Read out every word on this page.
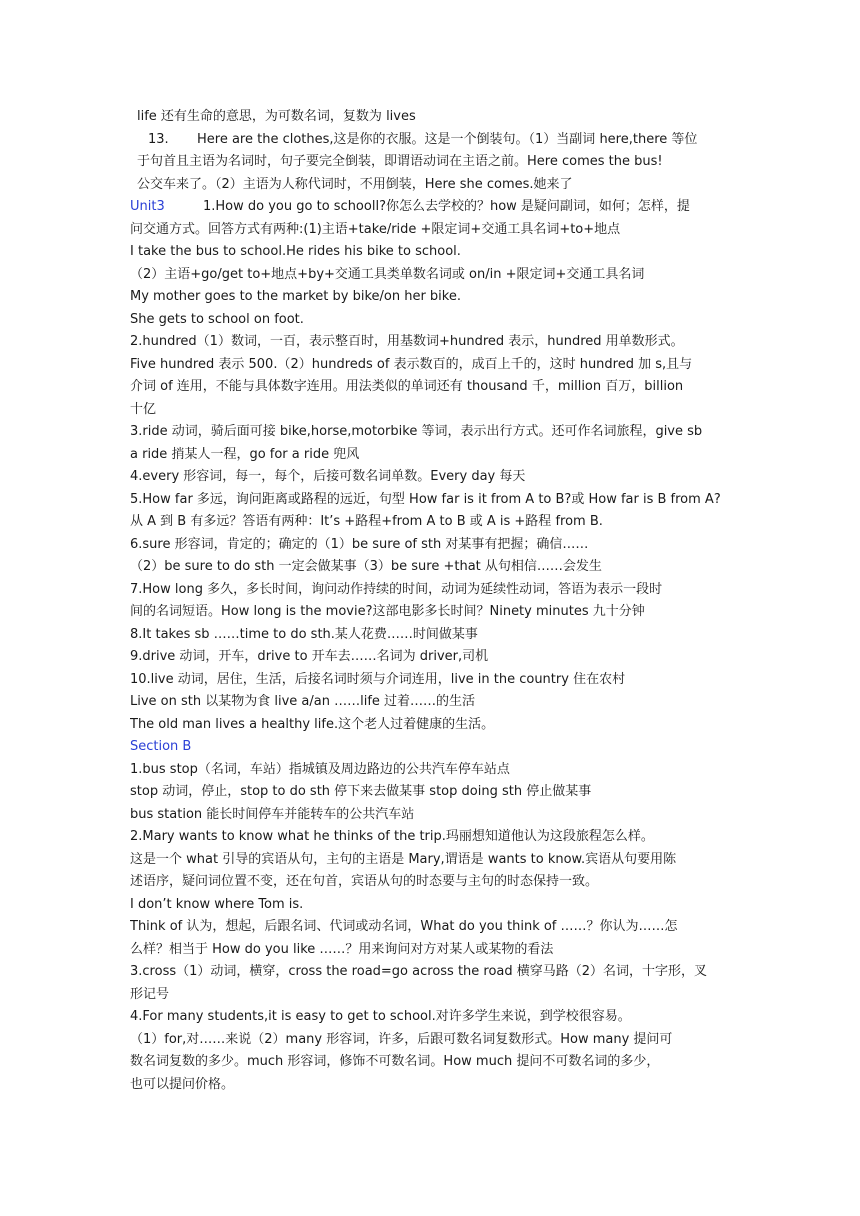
life 还有生命的意思，为可数名词，复数为 lives
13. Here are the clothes,这是你的衣服。这是一个倒装句。（1）当副词 here,there 等位
于句首且主语为名词时，句子要完全倒装，即谓语动词在主语之前。Here comes the bus!
公交车来了。（2）主语为人称代词时，不用倒装，Here she comes.她来了
Unit3	1.How do you go to schooll?你怎么去学校的？how 是疑问副词，如何；怎样，提
问交通方式。回答方式有两种:(1)主语+take/ride +限定词+交通工具名词+to+地点
I take the bus to school.He rides his bike to school.
（2）主语+go/get to+地点+by+交通工具类单数名词或 on/in +限定词+交通工具名词
My mother goes to the market by bike/on her bike.
She gets to school on foot.
2.hundred（1）数词，一百，表示整百时，用基数词+hundred 表示，hundred 用单数形式。
Five hundred 表示 500.（2）hundreds of 表示数百的，成百上千的，这时 hundred 加 s,且与
介词 of 连用，不能与具体数字连用。用法类似的单词还有 thousand 千，million 百万，billion
十亿
3.ride 动词，骑后面可接 bike,horse,motorbike 等词，表示出行方式。还可作名词旅程，give sb
a ride 捎某人一程，go for a ride 兜风
4.every 形容词，每一，每个，后接可数名词单数。Every day 每天
5.How far 多远，询问距离或路程的远近，句型 How far is it from A to B?或 How far is B from A?
从 A 到 B 有多远？答语有两种：It’s +路程+from A to B 或 A is +路程 from B.
6.sure 形容词，肯定的；确定的（1）be sure of sth 对某事有把握；确信……
（2）be sure to do sth 一定会做某事（3）be sure +that 从句相信……会发生
7.How long 多久，多长时间，询问动作持续的时间，动词为延续性动词，答语为表示一段时
间的名词短语。How long is the movie?这部电影多长时间？Ninety minutes 九十分钟
8.It takes sb ……time to do sth.某人花费……时间做某事
9.drive 动词，开车，drive to 开车去……名词为 driver,司机
10.live 动词，居住，生活，后接名词时须与介词连用，live in the country 住在农村
Live on sth 以某物为食 live a/an ……life 过着……的生活
The old man lives a healthy life.这个老人过着健康的生活。
Section B
1.bus stop（名词，车站）指城镇及周边路边的公共汽车停车站点
stop 动词，停止，stop to do sth 停下来去做某事 stop doing sth 停止做某事
bus station 能长时间停车并能转车的公共汽车站
2.Mary wants to know what he thinks of the trip.玛丽想知道他认为这段旅程怎么样。
这是一个 what 引导的宾语从句，主句的主语是 Mary,谓语是 wants to know.宾语从句要用陈
述语序，疑问词位置不变，还在句首，宾语从句的时态要与主句的时态保持一致。
I don’t know where Tom is.
Think of 认为，想起，后跟名词、代词或动名词，What do you think of ……？你认为……怎
么样？相当于 How do you like ……？用来询问对方对某人或某物的看法
3.cross（1）动词，横穿，cross the road=go across the road 横穿马路（2）名词，十字形，叉
形记号
4.For many students,it is easy to get to school.对许多学生来说，到学校很容易。
（1）for,对……来说（2）many 形容词，许多，后跟可数名词复数形式。How many 提问可
数名词复数的多少。much 形容词，修饰不可数名词。How much 提问不可数名词的多少，
也可以提问价格。
